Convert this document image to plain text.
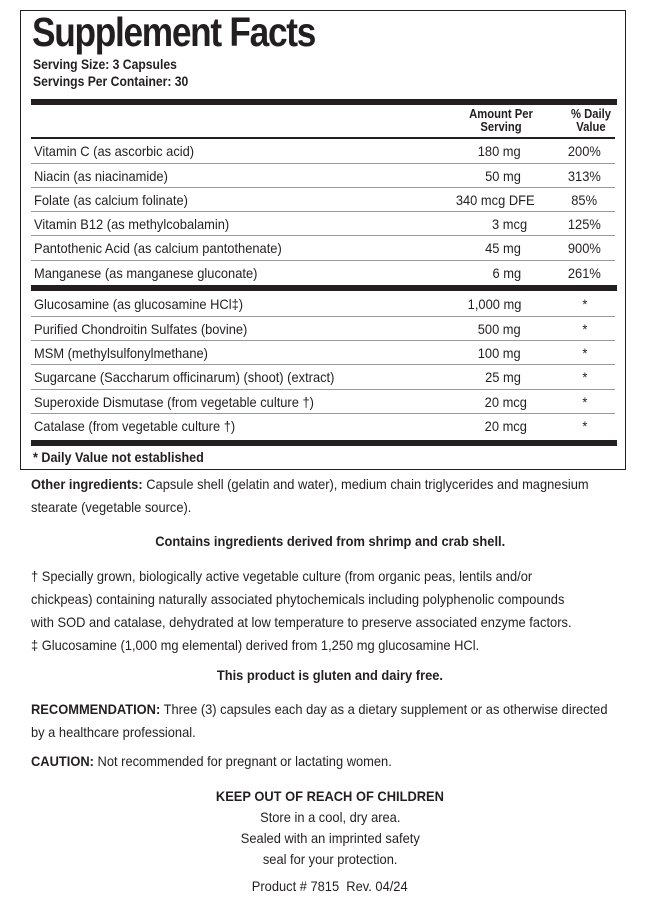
Supplement Facts
Serving Size: 3 Capsules
Servings Per Container: 30
Amount Per
Serving
% Daily
Value
Vitamin C (as ascorbic acid)	180 mg	200%
Niacin (as niacinamide)	50 mg	313%
Folate (as calcium folinate)	340 mcg DFE	85%
Vitamin B12 (as methylcobalamin)	3 mcg	125%
Pantothenic Acid (as calcium pantothenate)	45 mg	900%
Manganese (as manganese gluconate)	6 mg	261%
Glucosamine (as glucosamine HCl‡)	1,000 mg	*
Purified Chondroitin Sulfates (bovine)	500 mg	*
MSM (methylsulfonylmethane)	100 mg	*
Sugarcane (Saccharum officinarum) (shoot) (extract)	25 mg	*
Superoxide Dismutase (from vegetable culture †)	20 mcg	*
Catalase (from vegetable culture †)	20 mcg	*
* Daily Value not established
Other ingredients: Capsule shell (gelatin and water), medium chain triglycerides and magnesium
stearate (vegetable source).
Contains ingredients derived from shrimp and crab shell.
† Specially grown, biologically active vegetable culture (from organic peas, lentils and/or
chickpeas) containing naturally associated phytochemicals including polyphenolic compounds
with SOD and catalase, dehydrated at low temperature to preserve associated enzyme factors.
‡ Glucosamine (1,000 mg elemental) derived from 1,250 mg glucosamine HCl.
This product is gluten and dairy free.
RECOMMENDATION: Three (3) capsules each day as a dietary supplement or as otherwise directed
by a healthcare professional.
CAUTION: Not recommended for pregnant or lactating women.
KEEP OUT OF REACH OF CHILDREN
Store in a cool, dry area.
Sealed with an imprinted safety
seal for your protection.
Product # 7815  Rev. 04/24
